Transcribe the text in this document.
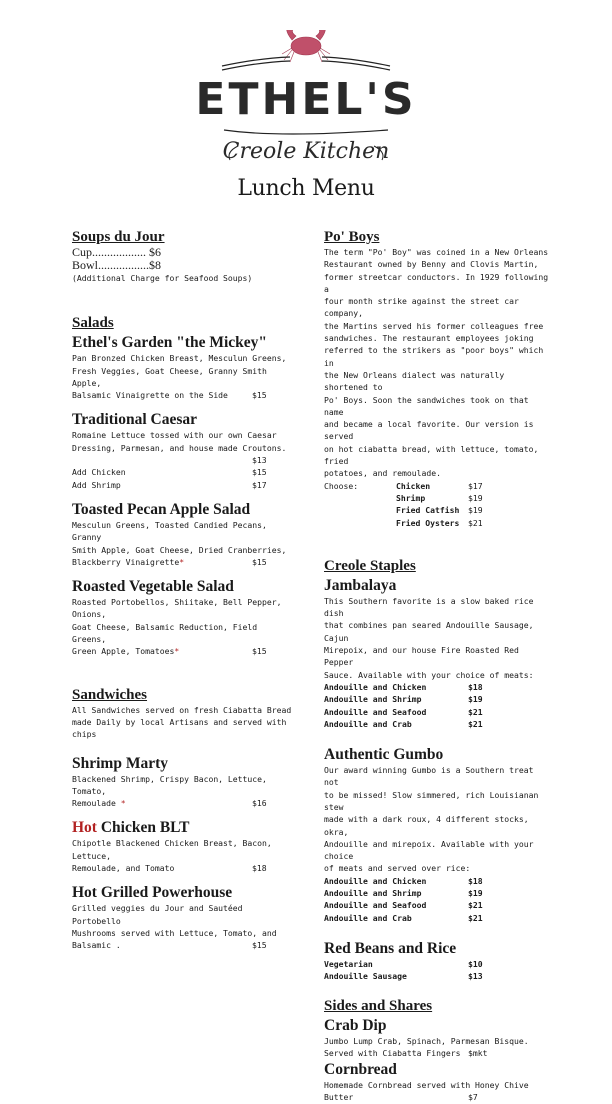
ETHEL'S
Creole Kitchen
Lunch Menu
Soups du Jour
Cup.................. $6
Bowl.................$8
(Additional Charge for Seafood Soups)
Salads
Ethel's Garden "the Mickey"
Pan Bronzed Chicken Breast, Mesculun Greens,
Fresh Veggies, Goat Cheese, Granny Smith Apple,
Balsamic Vinaigrette on the Side	$15
Traditional Caesar
Romaine Lettuce tossed with our own Caesar
Dressing, Parmesan, and house made Croutons.
$13
Add Chicken	$15
Add Shrimp	$17
Toasted Pecan Apple Salad
Mesculun Greens, Toasted Candied Pecans, Granny
Smith Apple, Goat Cheese, Dried Cranberries,
Blackberry Vinaigrette*	$15
Roasted Vegetable Salad
Roasted Portobellos, Shiitake, Bell Pepper, Onions,
Goat Cheese, Balsamic Reduction, Field Greens,
Green Apple, Tomatoes*	$15
Sandwiches
All Sandwiches served on fresh Ciabatta Bread
made Daily by local Artisans and served with chips
Shrimp Marty
Blackened Shrimp, Crispy Bacon, Lettuce, Tomato,
Remoulade *	$16
Hot Chicken BLT
Chipotle Blackened Chicken Breast, Bacon, Lettuce,
Remoulade, and Tomato	$18
Hot Grilled Powerhouse
Grilled veggies du Jour and Sautéed Portobello
Mushrooms served with Lettuce, Tomato, and
Balsamic .	$15
Po' Boys
The term "Po' Boy" was coined in a New Orleans
Restaurant owned by Benny and Clovis Martin,
former streetcar conductors. In 1929 following a
four month strike against the street car company,
the Martins served his former colleagues free
sandwiches. The restaurant employees joking
referred to the strikers as "poor boys" which in
the New Orleans dialect was naturally shortened to
Po' Boys. Soon the sandwiches took on that name
and became a local favorite. Our version is served
on hot ciabatta bread, with lettuce, tomato, fried
potatoes, and remoulade.
Choose:	Chicken	$17
Shrimp	$19
Fried Catfish $19
Fried Oysters $21
Creole Staples
Jambalaya
This Southern favorite is a slow baked rice dish
that combines pan seared Andouille Sausage, Cajun
Mirepoix, and our house Fire Roasted Red Pepper
Sauce. Available with your choice of meats:
Andouille and Chicken	$18
Andouille and Shrimp	$19
Andouille and Seafood	$21
Andouille and Crab	$21
Authentic Gumbo
Our award winning Gumbo is a Southern treat not
to be missed! Slow simmered, rich Louisianan stew
made with a dark roux, 4 different stocks, okra,
Andouille and mirepoix. Available with your choice
of meats and served over rice:
Andouille and Chicken	$18
Andouille and Shrimp	$19
Andouille and Seafood	$21
Andouille and Crab	$21
Red Beans and Rice
Vegetarian	$10
Andouille Sausage	$13
Sides and Shares
Crab Dip
Jumbo Lump Crab, Spinach, Parmesan Bisque.
Served with Ciabatta Fingers $mkt
Cornbread
Homemade Cornbread served with Honey Chive
Butter	$7
